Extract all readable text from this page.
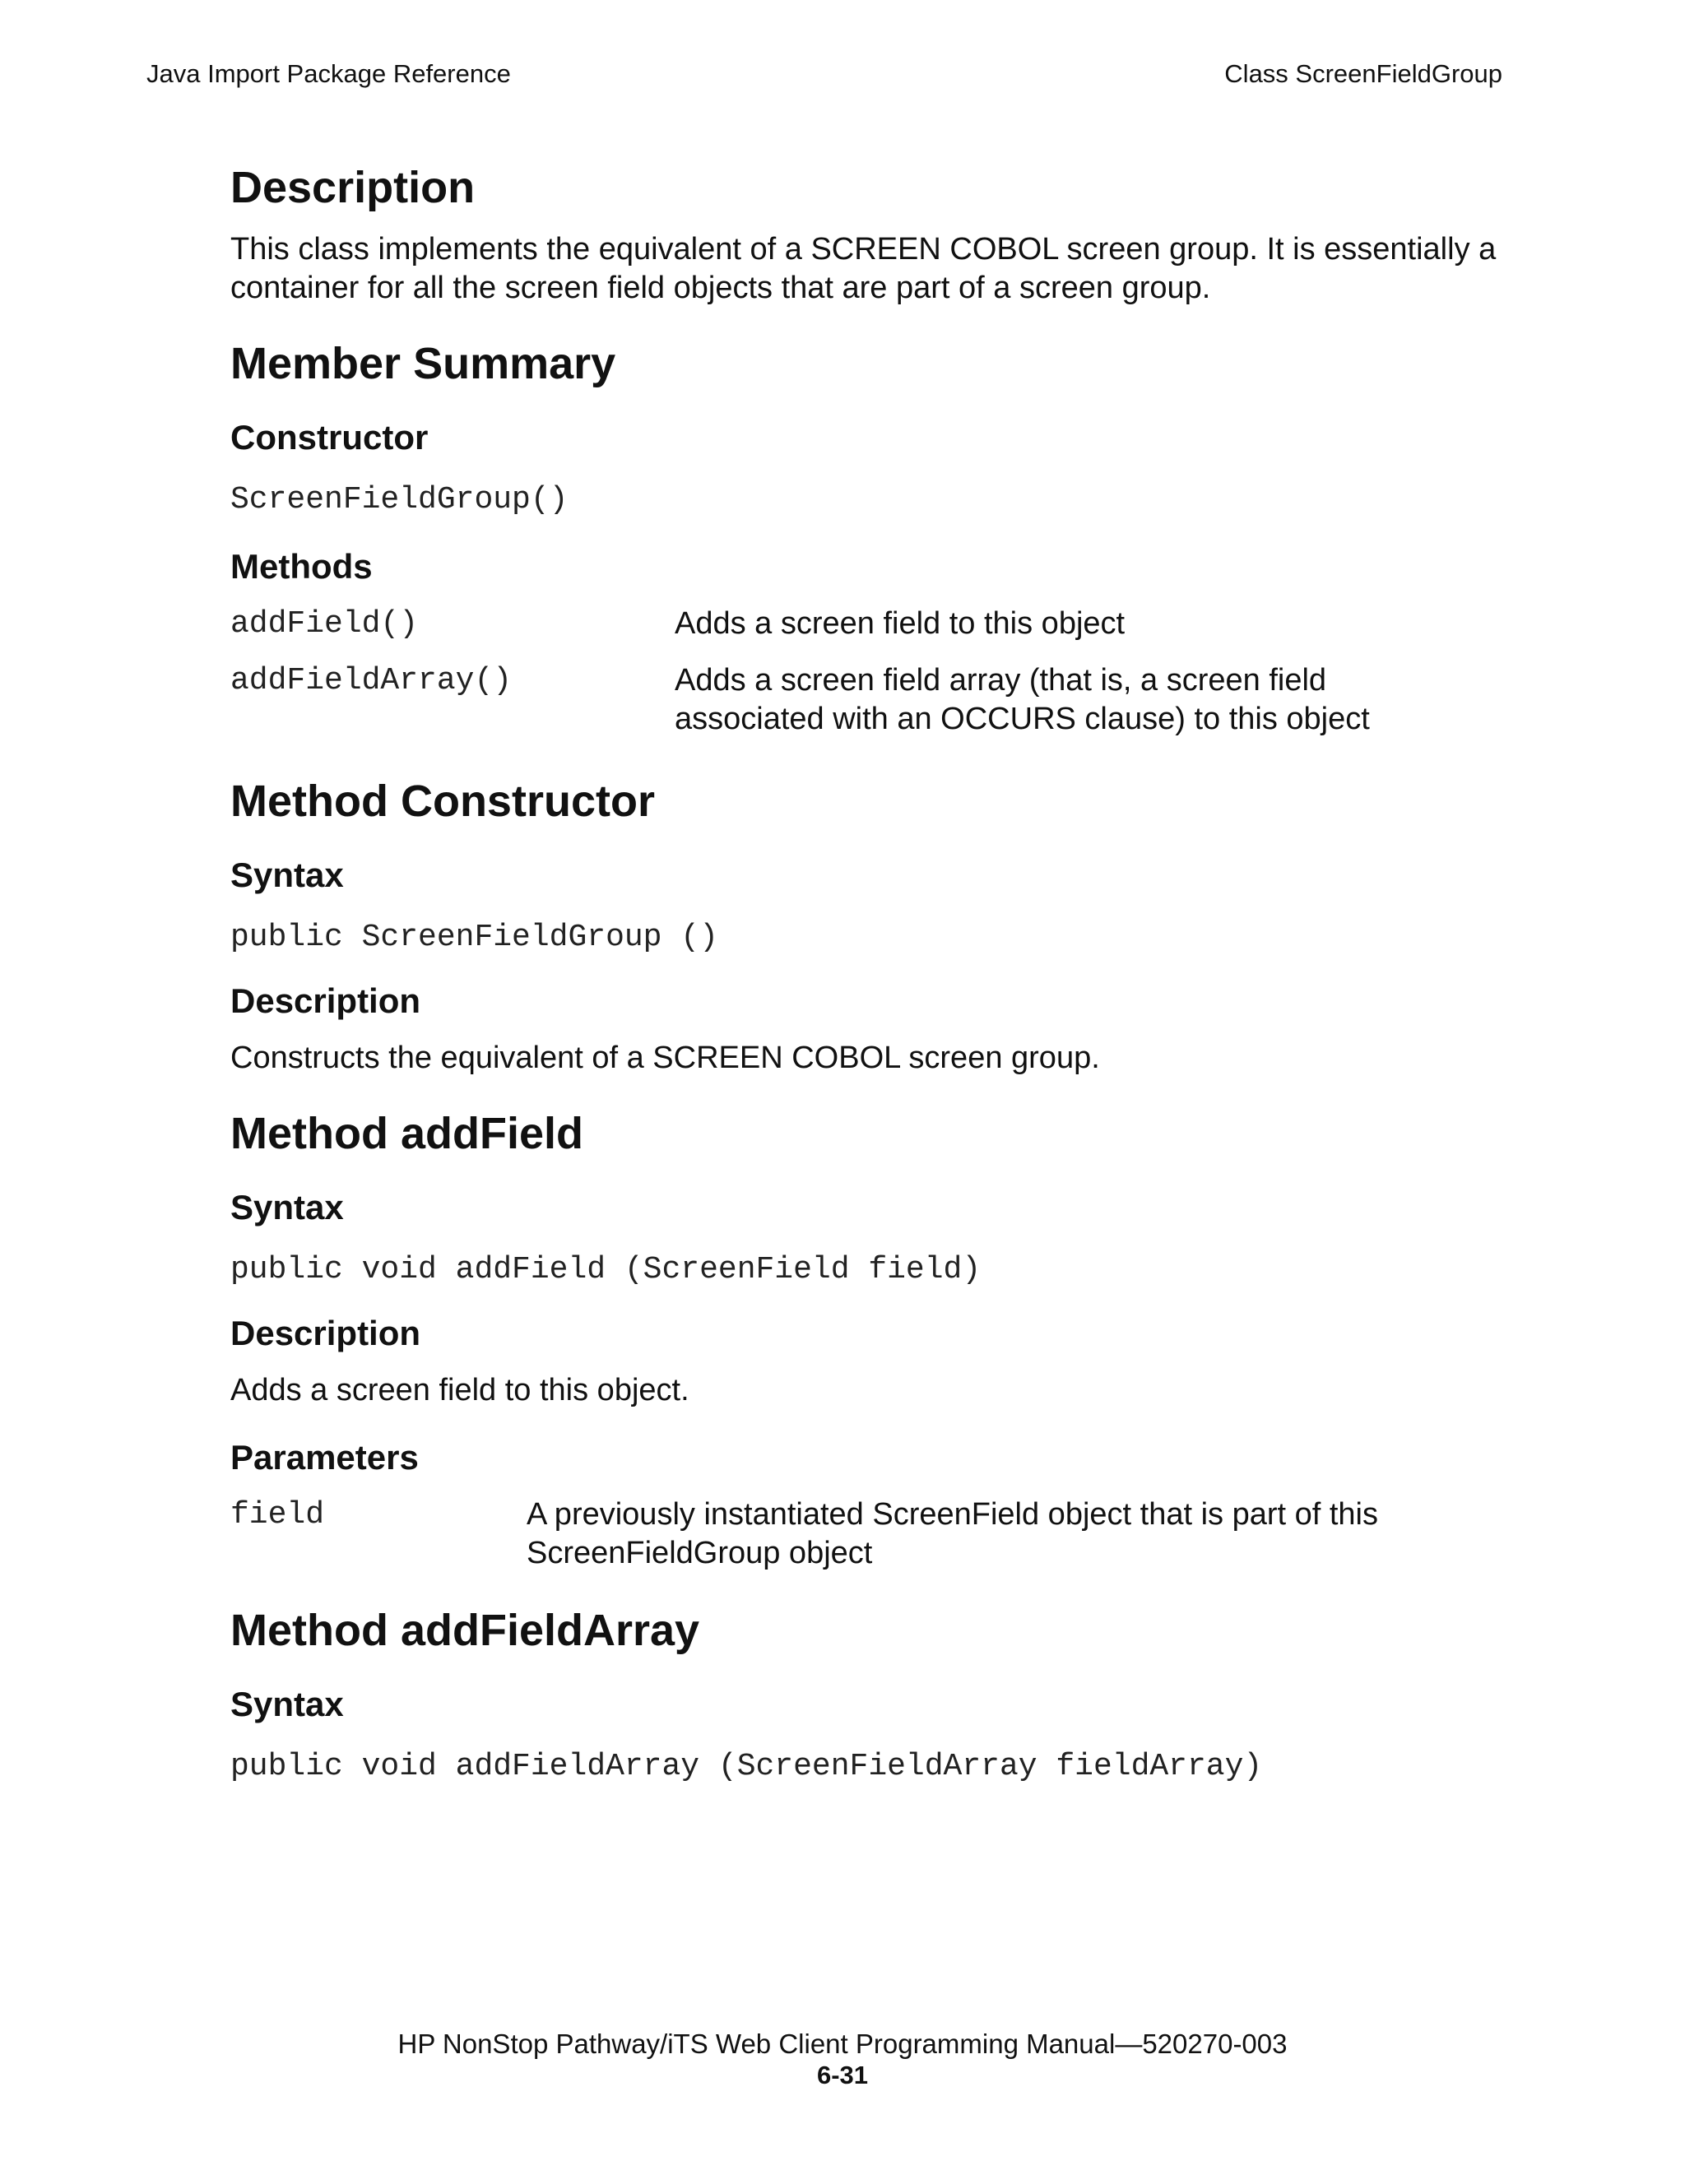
Java Import Package Reference	Class ScreenFieldGroup
Description

This class implements the equivalent of a SCREEN COBOL screen group. It is essentially a container for all the screen field objects that are part of a screen group.

Member Summary
Constructor

ScreenFieldGroup()

Methods
addField()	Adds a screen field to this object
addFieldArray()	Adds a screen field array (that is, a screen field associated with an OCCURS clause) to this object
Method Constructor
Syntax

public ScreenFieldGroup ()

Description

Constructs the equivalent of a SCREEN COBOL screen group.

Method addField
Syntax

public void addField (ScreenField field)

Description

Adds a screen field to this object.

Parameters
field	A previously instantiated ScreenField object that is part of this ScreenFieldGroup object
Method addFieldArray
Syntax

public void addFieldArray (ScreenFieldArray fieldArray)

HP NonStop Pathway/iTS Web Client Programming Manual—520270-003
6-31
